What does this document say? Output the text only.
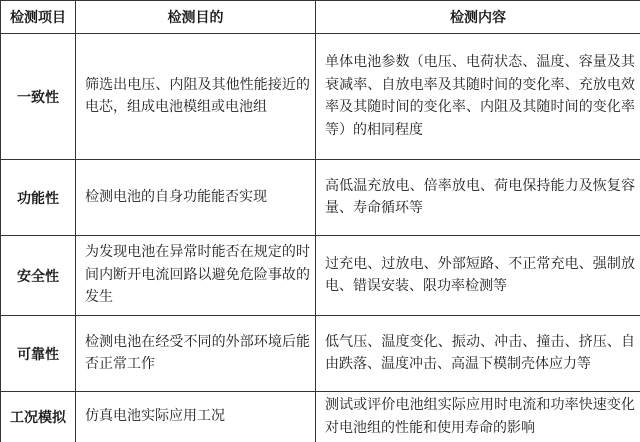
检测项目	检测目的	检测内容
一致性	筛选出电压、内阻及其他性能接近的电芯，组成电池模组或电池组	单体电池参数（电压、电荷状态、温度、容量及其衰减率、自放电率及其随时间的变化率、充放电效率及其随时间的变化率、内阻及其随时间的变化率等）的相同程度
功能性	检测电池的自身功能能否实现	高低温充放电、倍率放电、荷电保持能力及恢复容量、寿命循环等
安全性	为发现电池在异常时能否在规定的时间内断开电流回路以避免危险事故的发生	过充电、过放电、外部短路、不正常充电、强制放电、错误安装、限功率检测等
可靠性	检测电池在经受不同的外部环境后能否正常工作	低气压、温度变化、振动、冲击、撞击、挤压、自由跌落、温度冲击、高温下模制壳体应力等
工况模拟	仿真电池实际应用工况	测试或评价电池组实际应用时电流和功率快速变化对电池组的性能和使用寿命的影响
